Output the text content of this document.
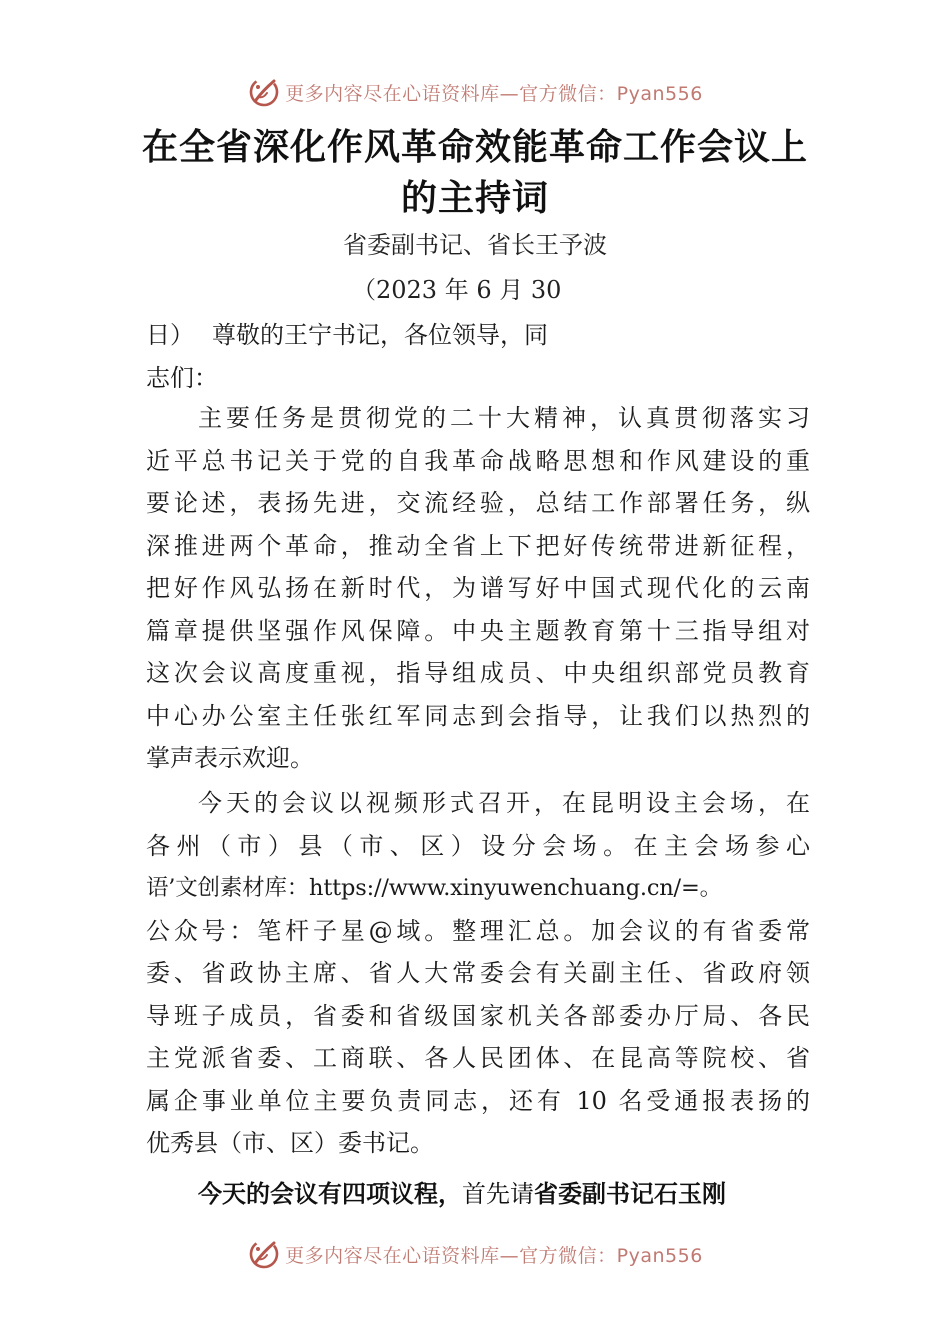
更多内容尽在心语资料库—官方微信：Pyan556
在全省深化作风革命效能革命工作会议上
的主持词
省委副书记、省长王予波
（2023 年 6 月 30
日） 尊敬的王宁书记，各位领导，同
志们：
主要任务是贯彻党的二十大精神，认真贯彻落实习
近平总书记关于党的自我革命战略思想和作风建设的重
要论述，表扬先进，交流经验，总结工作部署任务，纵
深推进两个革命，推动全省上下把好传统带进新征程，
把好作风弘扬在新时代，为谱写好中国式现代化的云南
篇章提供坚强作风保障。中央主题教育第十三指导组对
这次会议高度重视，指导组成员、中央组织部党员教育
中心办公室主任张红军同志到会指导，让我们以热烈的
掌声表示欢迎。
今天的会议以视频形式召开，在昆明设主会场，在
各州（市）县（市、区）设分会场。在主会场参心
语’文创素材库：https://www.xinyuwenchuang.cn/=。
公众号：笔杆子星@域。整理汇总。加会议的有省委常
委、省政协主席、省人大常委会有关副主任、省政府领
导班子成员，省委和省级国家机关各部委办厅局、各民
主党派省委、工商联、各人民团体、在昆高等院校、省
属企事业单位主要负责同志，还有 10 名受通报表扬的
优秀县（市、区）委书记。
今天的会议有四项议程，首先请省委副书记石玉刚
更多内容尽在心语资料库—官方微信：Pyan556
